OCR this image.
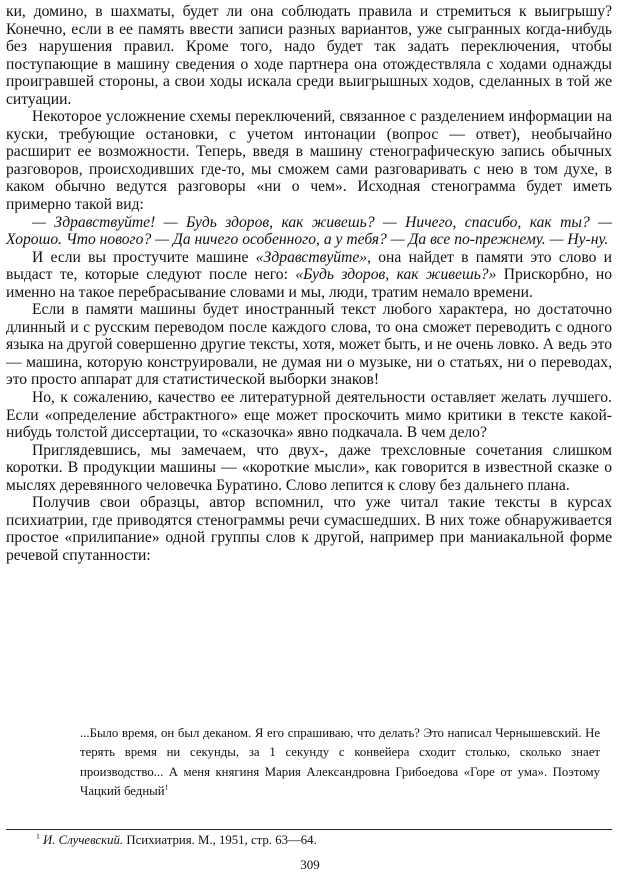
ки, домино, в шахматы, будет ли она соблюдать правила и стремиться к выигрышу? Конечно, если в ее память ввести записи разных вариантов, уже сыгранных когда-нибудь без нарушения правил. Кроме того, надо будет так задать переключения, чтобы поступающие в машину сведения о ходе партнера она отождествляла с ходами однажды проигравшей стороны, а свои ходы искала среди выигрышных ходов, сделанных в той же ситуации.

Некоторое усложнение схемы переключений, связанное с разделением информации на куски, требующие остановки, с учетом интонации (вопрос — ответ), необычайно расширит ее возможности. Теперь, введя в машину стенографическую запись обычных разговоров, происходивших где-то, мы сможем сами разговаривать с нею в том духе, в каком обычно ведутся разговоры «ни о чем». Исходная стенограмма будет иметь примерно такой вид:

— Здравствуйте! — Будь здоров, как живешь? — Ничего, спасибо, как ты? — Хорошо. Что нового? — Да ничего особенного, а у тебя? — Да все по-прежнему. — Ну-ну.

И если вы простучите машине «Здравствуйте», она найдет в памяти это слово и выдаст те, которые следуют после него: «Будь здоров, как живешь?» Прискорбно, но именно на такое перебрасывание словами и мы, люди, тратим немало времени.

Если в памяти машины будет иностранный текст любого характера, но достаточно длинный и с русским переводом после каждого слова, то она сможет переводить с одного языка на другой совершенно другие тексты, хотя, может быть, и не очень ловко. А ведь это — машина, которую конструировали, не думая ни о музыке, ни о статьях, ни о переводах, это просто аппарат для статистической выборки знаков!

Но, к сожалению, качество ее литературной деятельности оставляет желать лучшего. Если «определение абстрактного» еще может проскочить мимо критики в тексте какой-нибудь толстой диссертации, то «сказочка» явно подкачала. В чем дело?

Приглядевшись, мы замечаем, что двух-, даже трехсловные сочетания слишком коротки. В продукции машины — «короткие мысли», как говорится в известной сказке о мыслях деревянного человечка Буратино. Слово лепится к слову без дальнего плана.

Получив свои образцы, автор вспомнил, что уже читал такие тексты в курсах психиатрии, где приводятся стенограммы речи сумасшедших. В них тоже обнаруживается простое «прилипание» одной группы слов к другой, например при маниакальной форме речевой спутанности:

...Было время, он был деканом. Я его спрашиваю, что делать? Это написал Чернышевский. Не терять время ни секунды, за 1 секунду с конвейера сходит столько, сколько знает производство... А меня княгиня Мария Александровна Грибоедова «Горе от ума». Поэтому Чацкий бедный$^1$

$^1$ И. Случевский. Психиатрия. М., 1951, стр. 63—64.
309
